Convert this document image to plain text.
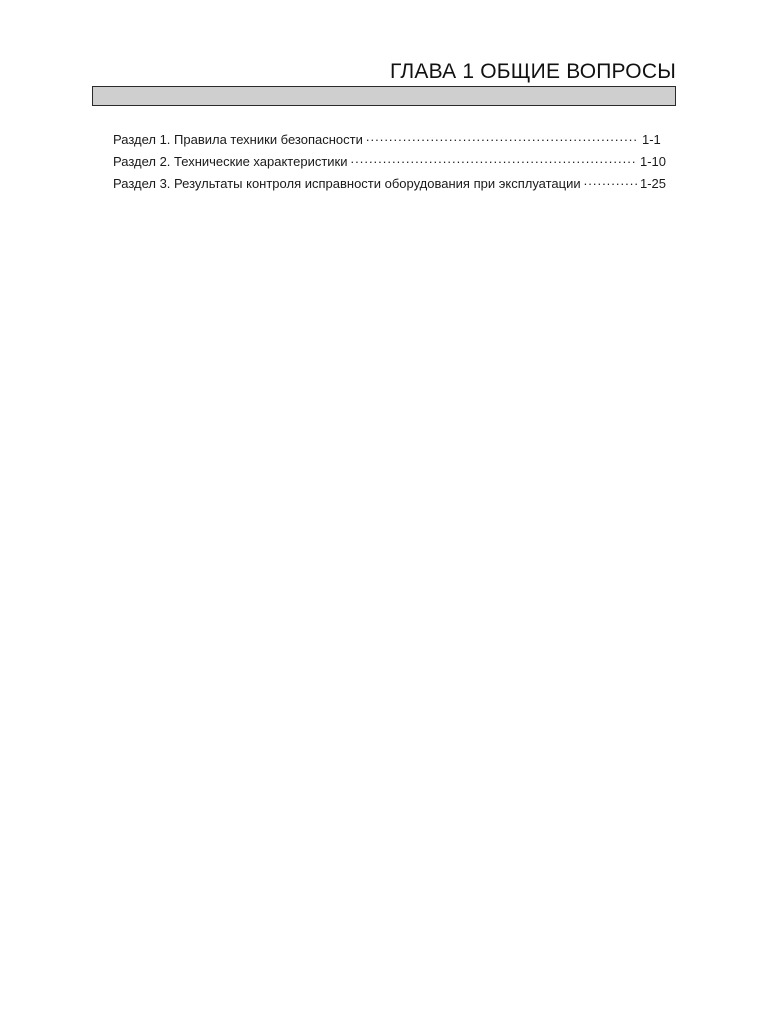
ГЛАВА 1 ОБЩИЕ ВОПРОСЫ
Раздел 1. Правила техники безопасности .....	1-1
Раздел 2. Технические характеристики .....	1-10
Раздел 3. Результаты контроля исправности оборудования при эксплуатации .....	1-25
